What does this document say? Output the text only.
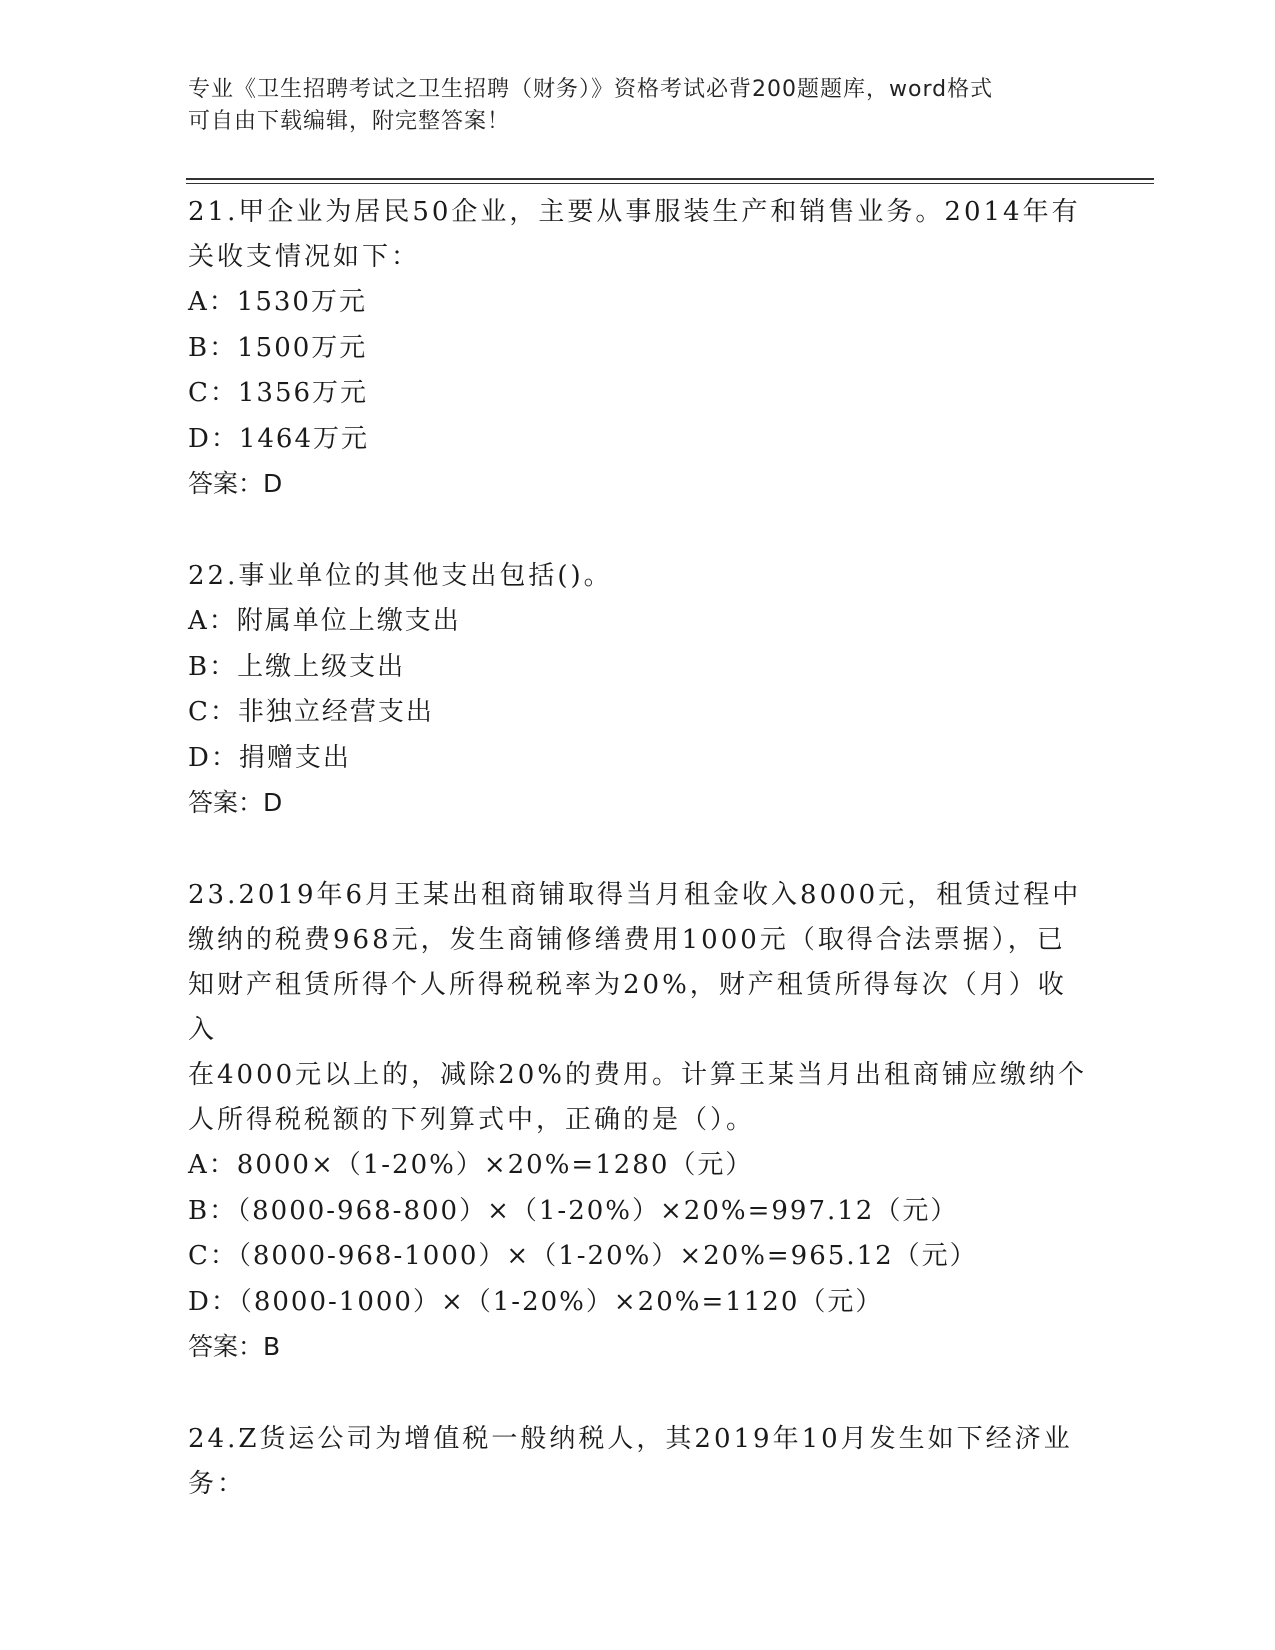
专业《卫生招聘考试之卫生招聘（财务）》资格考试必背200题题库，word格式
可自由下载编辑，附完整答案！

21.甲企业为居民50企业，主要从事服装生产和销售业务。2014年有

关收支情况如下：

A：1530万元

B：1500万元

C：1356万元

D：1464万元

答案：D

22.事业单位的其他支出包括()。

A：附属单位上缴支出

B：上缴上级支出

C：非独立经营支出

D：捐赠支出

答案：D

23.2019年6月王某出租商铺取得当月租金收入8000元，租赁过程中

缴纳的税费968元，发生商铺修缮费用1000元（取得合法票据），已

知财产租赁所得个人所得税税率为20%，财产租赁所得每次（月）收入

在4000元以上的，减除20%的费用。计算王某当月出租商铺应缴纳个

人所得税税额的下列算式中，正确的是（）。

A：8000×（1-20%）×20%=1280（元）

B：（8000-968-800）×（1-20%）×20%=997.12（元）

C：（8000-968-1000）×（1-20%）×20%=965.12（元）

D：（8000-1000）×（1-20%）×20%=1120（元）

答案：B

24.Z货运公司为增值税一般纳税人，其2019年10月发生如下经济业

务：
